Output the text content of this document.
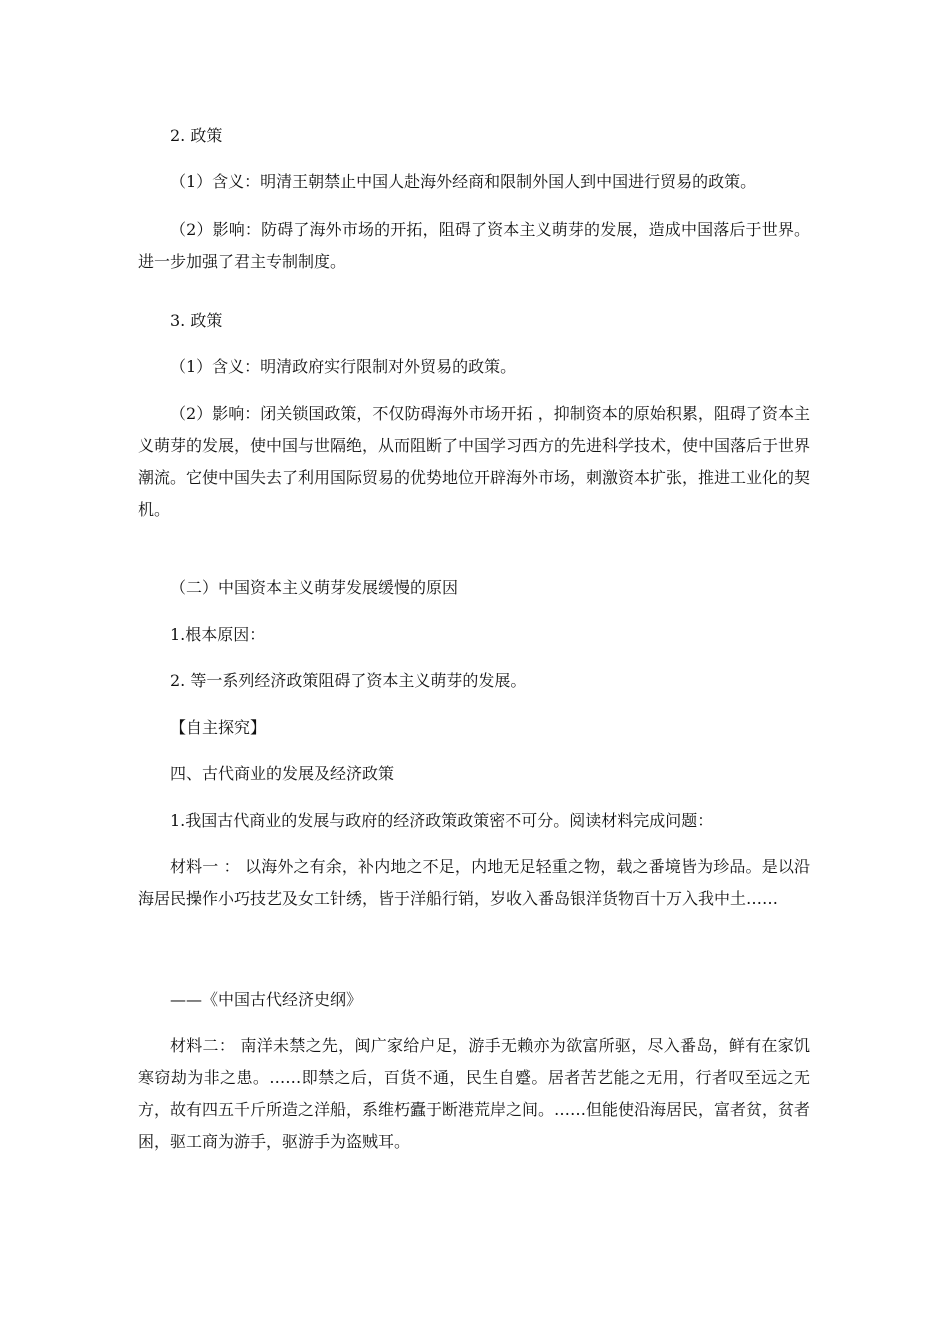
2. 政策
（1）含义：明清王朝禁止中国人赴海外经商和限制外国人到中国进行贸易的政策。
（2）影响：防碍了海外市场的开拓，阻碍了资本主义萌芽的发展，造成中国落后于世界。 进一步加强了君主专制制度。
3. 政策
（1）含义：明清政府实行限制对外贸易的政策。
（2）影响：闭关锁国政策，不仅防碍海外市场开拓 ，抑制资本的原始积累，阻碍了资本主义萌芽的发展，使中国与世隔绝，从而阻断了中国学习西方的先进科学技术，使中国落后于世界潮流。它使中国失去了利用国际贸易的优势地位开辟海外市场，刺激资本扩张，推进工业化的契机。
（二）中国资本主义萌芽发展缓慢的原因
1.根本原因：
2. 等一系列经济政策阻碍了资本主义萌芽的发展。
【自主探究】
四、古代商业的发展及经济政策
1.我国古代商业的发展与政府的经济政策政策密不可分。阅读材料完成问题：
材料一 ： 以海外之有余，补内地之不足，内地无足轻重之物，载之番境皆为珍品。是以沿海居民操作小巧技艺及女工针绣，皆于洋船行销，岁收入番岛银洋货物百十万入我中土……
——《中国古代经济史纲》
材料二： 南洋未禁之先，闽广家给户足，游手无赖亦为欲富所驱，尽入番岛，鲜有在家饥寒窃劫为非之患。……即禁之后，百货不通，民生自蹙。居者苦艺能之无用，行者叹至远之无方，故有四五千斤所造之洋船，系维朽蠹于断港荒岸之间。……但能使沿海居民，富者贫，贫者困，驱工商为游手，驱游手为盗贼耳。
